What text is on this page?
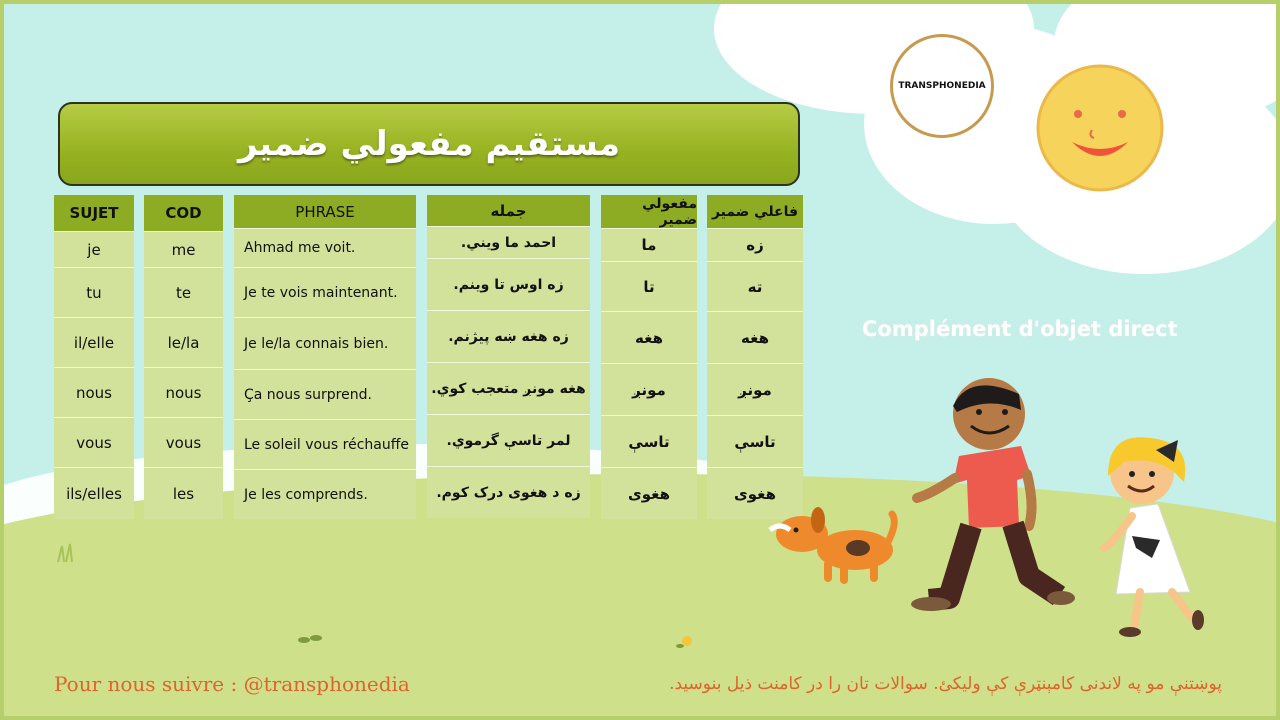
TRANSPHONEDIA
مستقیم مفعولي ضمیر
SUJET
je
tu
il/elle
nous
vous
ils/elles
COD
me
te
le/la
nous
vous
les
PHRASE
Ahmad me voit.
Je te vois maintenant.
Je le/la connais bien.
Ça nous surprend.
Le soleil vous réchauffe
Je les comprends.
جمله
احمد ما ویني.
زه اوس تا وینم.
زه هغه ښه پیژنم.
هغه مونږ متعجب کوي.
لمر تاسې گرموي.
زه د هغوی درک کوم.
مفعولي ضمیر
ما
تا
هغه
مونږ
تاسې
هغوی
فاعلي ضمیر
زه
ته
هغه
مونږ
تاسې
هغوی
Complément d'objet direct
Pour nous suivre : @transphonedia	پوښتنې مو په لاندنی کامېنټرې کې ولیکئ. سوالات تان را در کامنت ذیل بنوسید.
